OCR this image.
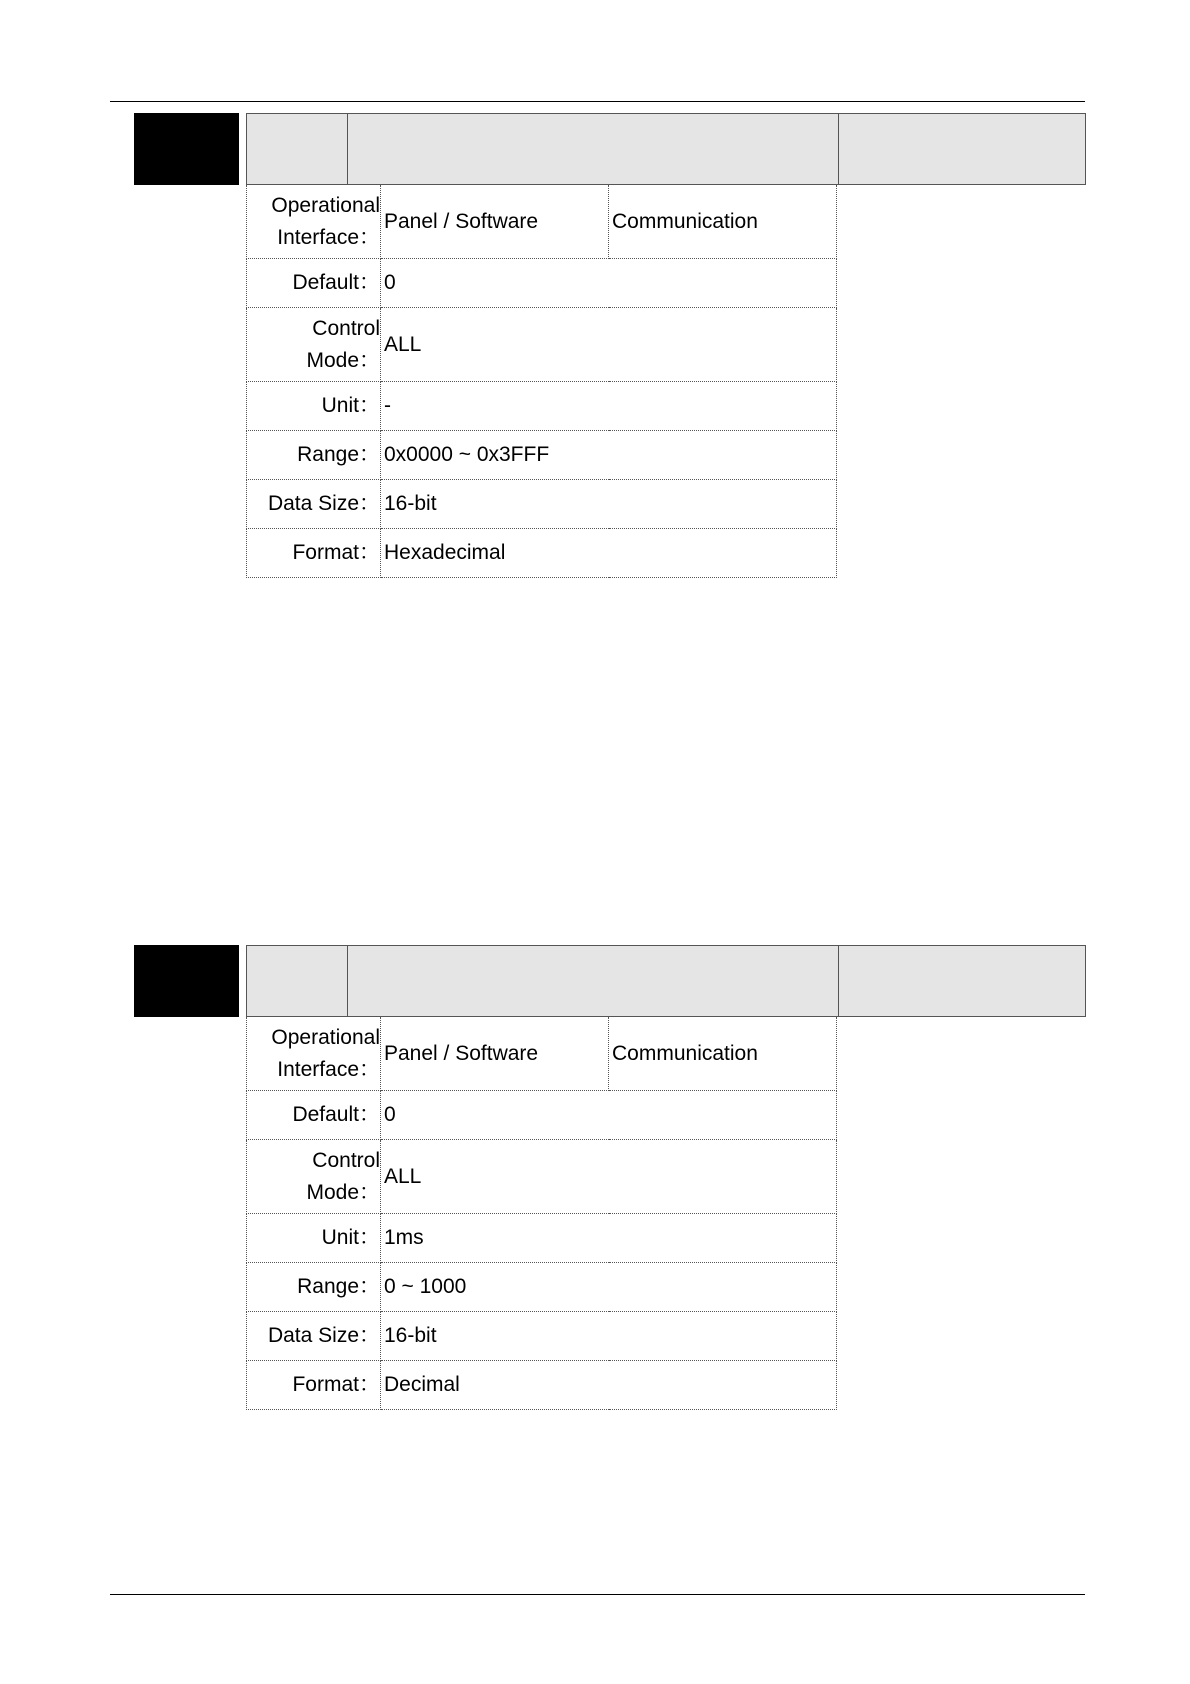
Operational
Interface：	Panel / Software	Communication
Default：	0	

Control
Mode：	ALL	
Unit：	-	
Range：	0x0000 ~ 0x3FFF	
Data Size：	16-bit	
Format：	Hexadecimal	
Operational
Interface：	Panel / Software	Communication
Default：	0	

Control
Mode：	ALL	
Unit：	1ms	
Range：	0 ~ 1000	
Data Size：	16-bit	
Format：	Decimal	
